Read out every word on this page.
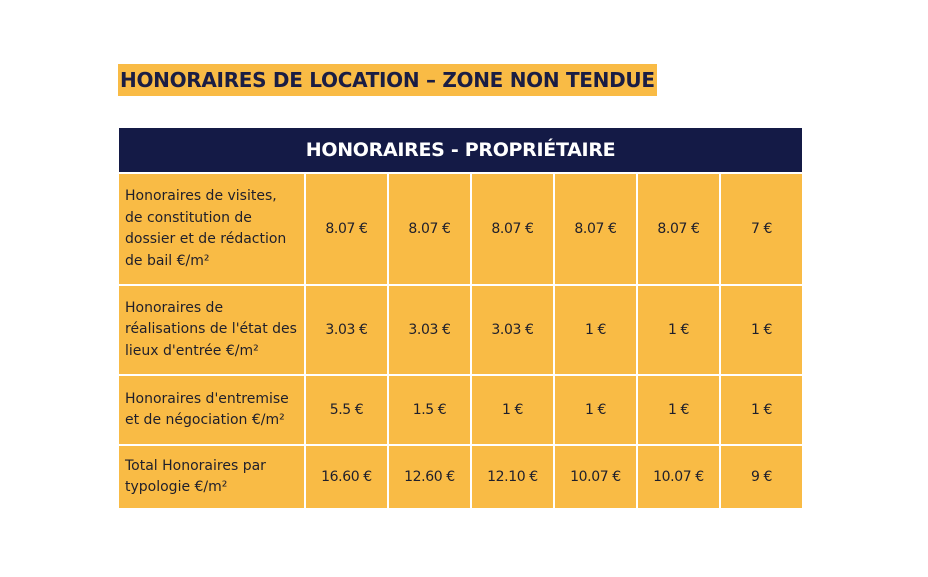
HONORAIRES DE LOCATION – ZONE NON TENDUE
HONORAIRES - PROPRIÉTAIRE						
Honoraires de visites, de constitution de dossier et de rédaction de bail €/m²	8.07 €	8.07 €	8.07 €	8.07 €	8.07 €	7 €
Honoraires de réalisations de l'état des lieux d'entrée €/m²	3.03 €	3.03 €	3.03 €	1 €	1 €	1 €
Honoraires d'entremise et de négociation €/m²	5.5 €	1.5 €	1 €	1 €	1 €	1 €
Total Honoraires par typologie €/m²	16.60 €	12.60 €	12.10 €	10.07 €	10.07 €	9 €
